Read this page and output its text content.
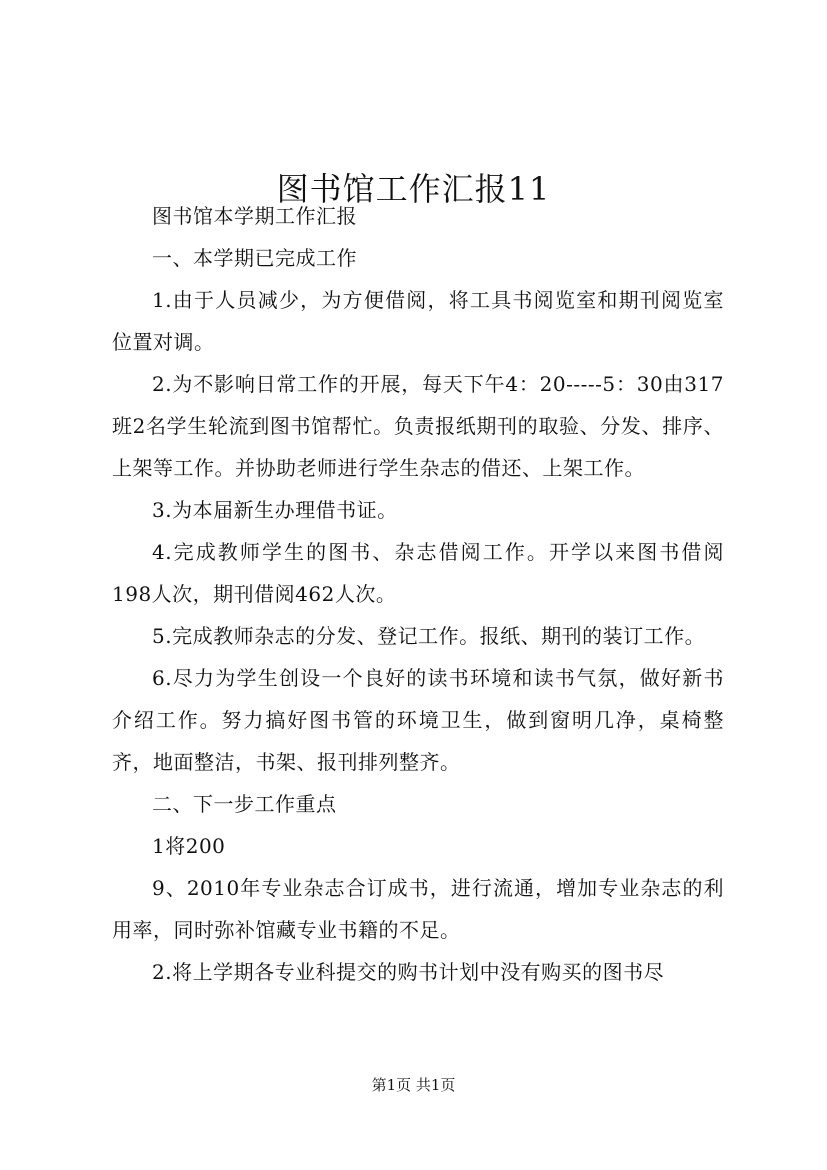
图书馆工作汇报11

图书馆本学期工作汇报

一、本学期已完成工作

1.由于人员减少，为方便借阅，将工具书阅览室和期刊阅览室位置对调。

2.为不影响日常工作的开展，每天下午4：20-----5：30由317班2名学生轮流到图书馆帮忙。负责报纸期刊的取验、分发、排序、上架等工作。并协助老师进行学生杂志的借还、上架工作。

3.为本届新生办理借书证。

4.完成教师学生的图书、杂志借阅工作。开学以来图书借阅198人次，期刊借阅462人次。

5.完成教师杂志的分发、登记工作。报纸、期刊的装订工作。

6.尽力为学生创设一个良好的读书环境和读书气氛，做好新书介绍工作。努力搞好图书管的环境卫生，做到窗明几净，桌椅整齐，地面整洁，书架、报刊排列整齐。

二、下一步工作重点

1将200

9、2010年专业杂志合订成书，进行流通，增加专业杂志的利用率，同时弥补馆藏专业书籍的不足。

2.将上学期各专业科提交的购书计划中没有购买的图书尽

第1页 共1页
